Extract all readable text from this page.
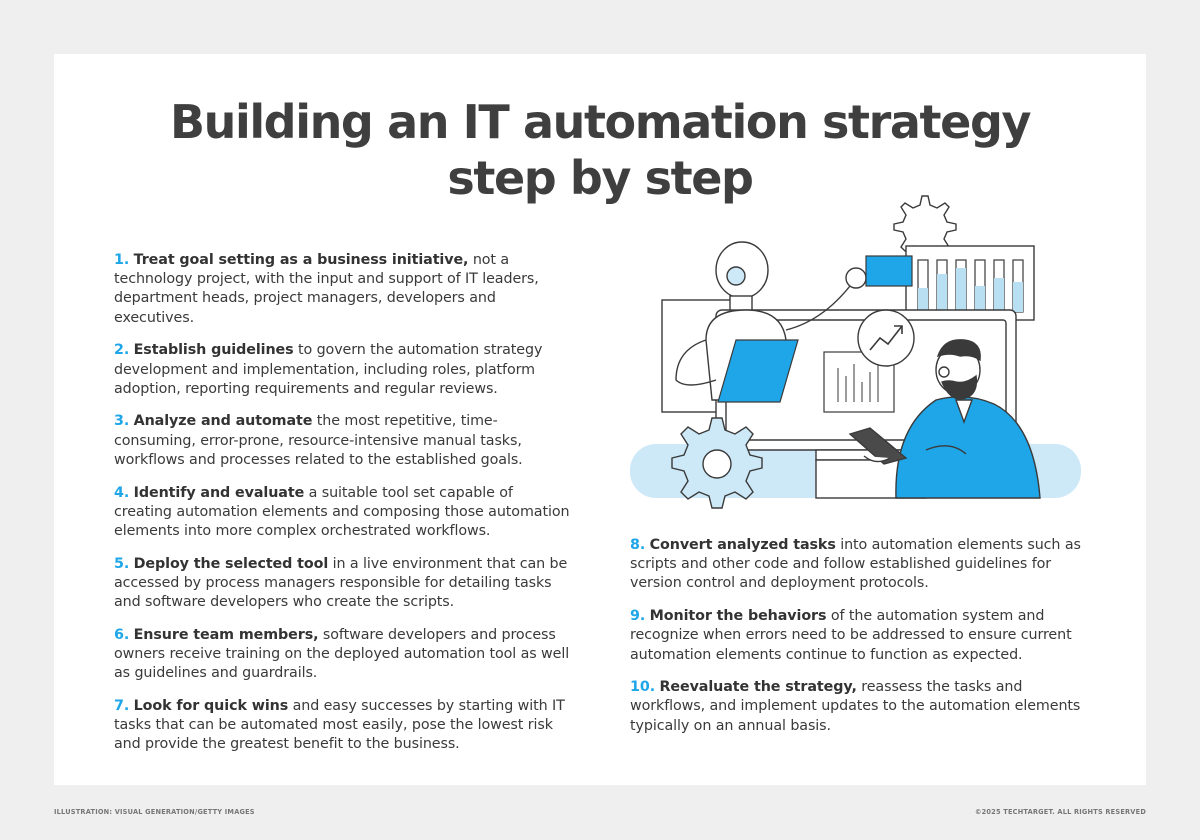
Building an IT automation strategy
step by step
1. Treat goal setting as a business initiative, not a technology project, with the input and support of IT leaders, department heads, project managers, developers and executives.
2. Establish guidelines to govern the automation strategy development and implementation, including roles, platform adoption, reporting requirements and regular reviews.
3. Analyze and automate the most repetitive, time-consuming, error-prone, resource-intensive manual tasks, workflows and processes related to the established goals.
4. Identify and evaluate a suitable tool set capable of creating automation elements and composing those automation elements into more complex orchestrated workflows.
5. Deploy the selected tool in a live environment that can be accessed by process managers responsible for detailing tasks and software developers who create the scripts.
6. Ensure team members, software developers and process owners receive training on the deployed automation tool as well as guidelines and guardrails.
7. Look for quick wins and easy successes by starting with IT tasks that can be automated most easily, pose the lowest risk and provide the greatest benefit to the business.
8. Convert analyzed tasks into automation elements such as scripts and other code and follow established guidelines for version control and deployment protocols.
9. Monitor the behaviors of the automation system and recognize when errors need to be addressed to ensure current automation elements continue to function as expected.
10. Reevaluate the strategy, reassess the tasks and workflows, and implement updates to the automation elements typically on an annual basis.
ILLUSTRATION: VISUAL GENERATION/GETTY IMAGES	©2025 TECHTARGET. ALL RIGHTS RESERVED
